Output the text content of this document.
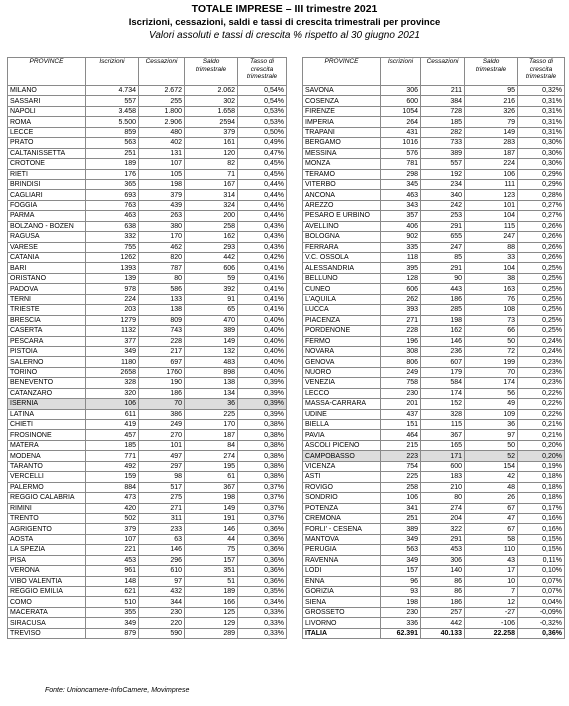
TOTALE IMPRESE – III trimestre 2021
Iscrizioni, cessazioni, saldi e tassi di crescita trimestrali per province
Valori assoluti e tassi di crescita % rispetto al 30 giugno 2021
PROVINCE	Iscrizioni	Cessazioni	Saldo trimestrale	Tasso di crescita trimestrale
MILANO	4.734	2.672	2.062	0,54%
SASSARI	557	255	302	0,54%
NAPOLI	3.458	1.800	1.658	0,53%
ROMA	5.500	2.906	2594	0,53%
LECCE	859	480	379	0,50%
PRATO	563	402	161	0,49%
CALTANISSETTA	251	131	120	0,47%
CROTONE	189	107	82	0,45%
RIETI	176	105	71	0,45%
BRINDISI	365	198	167	0,44%
CAGLIARI	693	379	314	0,44%
FOGGIA	763	439	324	0,44%
PARMA	463	263	200	0,44%
BOLZANO - BOZEN	638	380	258	0,43%
RAGUSA	332	170	162	0,43%
VARESE	755	462	293	0,43%
CATANIA	1262	820	442	0,42%
BARI	1393	787	606	0,41%
ORISTANO	139	80	59	0,41%
PADOVA	978	586	392	0,41%
TERNI	224	133	91	0,41%
TRIESTE	203	138	65	0,41%
BRESCIA	1279	809	470	0,40%
CASERTA	1132	743	389	0,40%
PESCARA	377	228	149	0,40%
PISTOIA	349	217	132	0,40%
SALERNO	1180	697	483	0,40%
TORINO	2658	1760	898	0,40%
BENEVENTO	328	190	138	0,39%
CATANZARO	320	186	134	0,39%
ISERNIA	106	70	36	0,39%
LATINA	611	386	225	0,39%
CHIETI	419	249	170	0,38%
FROSINONE	457	270	187	0,38%
MATERA	185	101	84	0,38%
MODENA	771	497	274	0,38%
TARANTO	492	297	195	0,38%
VERCELLI	159	98	61	0,38%
PALERMO	884	517	367	0,37%
REGGIO CALABRIA	473	275	198	0,37%
RIMINI	420	271	149	0,37%
TRENTO	502	311	191	0,37%
AGRIGENTO	379	233	146	0,36%
AOSTA	107	63	44	0,36%
LA SPEZIA	221	146	75	0,36%
PISA	453	296	157	0,36%
VERONA	961	610	351	0,36%
VIBO VALENTIA	148	97	51	0,36%
REGGIO EMILIA	621	432	189	0,35%
COMO	510	344	166	0,34%
MACERATA	355	230	125	0,33%
SIRACUSA	349	220	129	0,33%
TREVISO	879	590	289	0,33%
PROVINCE	Iscrizioni	Cessazioni	Saldo trimestrale	Tasso di crescita trimestrale
SAVONA	306	211	95	0,32%
COSENZA	600	384	216	0,31%
FIRENZE	1054	728	326	0,31%
IMPERIA	264	185	79	0,31%
TRAPANI	431	282	149	0,31%
BERGAMO	1016	733	283	0,30%
MESSINA	576	389	187	0,30%
MONZA	781	557	224	0,30%
TERAMO	298	192	106	0,29%
VITERBO	345	234	111	0,29%
ANCONA	463	340	123	0,28%
AREZZO	343	242	101	0,27%
PESARO E URBINO	357	253	104	0,27%
AVELLINO	406	291	115	0,26%
BOLOGNA	902	655	247	0,26%
FERRARA	335	247	88	0,26%
V.C. OSSOLA	118	85	33	0,26%
ALESSANDRIA	395	291	104	0,25%
BELLUNO	128	90	38	0,25%
CUNEO	606	443	163	0,25%
L'AQUILA	262	186	76	0,25%
LUCCA	393	285	108	0,25%
PIACENZA	271	198	73	0,25%
PORDENONE	228	162	66	0,25%
FERMO	196	146	50	0,24%
NOVARA	308	236	72	0,24%
GENOVA	806	607	199	0,23%
NUORO	249	179	70	0,23%
VENEZIA	758	584	174	0,23%
LECCO	230	174	56	0,22%
MASSA-CARRARA	201	152	49	0,22%
UDINE	437	328	109	0,22%
BIELLA	151	115	36	0,21%
PAVIA	464	367	97	0,21%
ASCOLI PICENO	215	165	50	0,20%
CAMPOBASSO	223	171	52	0,20%
VICENZA	754	600	154	0,19%
ASTI	225	183	42	0,18%
ROVIGO	258	210	48	0,18%
SONDRIO	106	80	26	0,18%
POTENZA	341	274	67	0,17%
CREMONA	251	204	47	0,16%
FORLI' - CESENA	389	322	67	0,16%
MANTOVA	349	291	58	0,15%
PERUGIA	563	453	110	0,15%
RAVENNA	349	306	43	0,11%
LODI	157	140	17	0,10%
ENNA	96	86	10	0,07%
GORIZIA	93	86	7	0,07%
SIENA	198	186	12	0,04%
GROSSETO	230	257	-27	-0,09%
LIVORNO	336	442	-106	-0,32%
ITALIA	62.391	40.133	22.258	0,36%
Fonte: Unioncamere-InfoCamere, Movimprese
